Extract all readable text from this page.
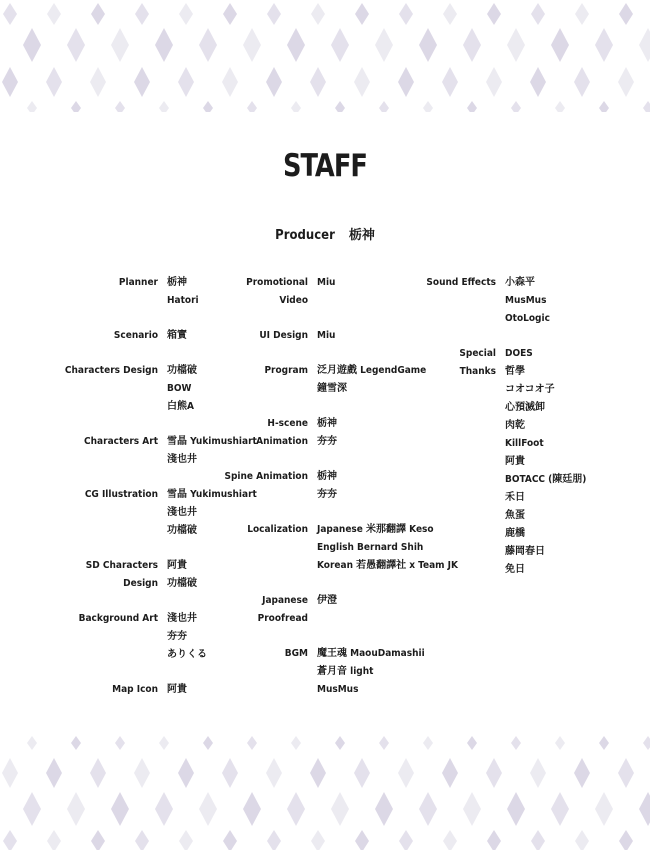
STAFF
Producer 栃神
Planner 栃神
Hatori
Scenario 箱實
Characters Design 功檔破
BOW
白熊A
Characters Art 雪晶 Yukimushiart
淺也井
CG Illustration 雪晶 Yukimushiart
淺也井
功檔破
SD Characters
Design
阿貴
功檔破
Background Art 淺也井
夯夯
ありくる
Map Icon 阿貴
Promotional Video
Miu
UI Design Miu
Program 泛月遊戲 LegendGame
鐘雪深
H-scene Animation
栃神
夯夯
Spine Animation 栃神
夯夯
Localization Japanese 米那翻譯 Keso
English Bernard Shih
Korean 若愚翻譯社 x Team JK
Japanese
Proofread
伊澄
BGM 魔王魂 MaouDamashii
蒼月音 light
MusMus
Sound Effects 小森平
MusMus
OtoLogic
Special Thanks
DOES
哲學
コオコオ子
心預滅卸
肉乾
KillFoot
阿貴
BOTACC (陳廷朋)
禾日
魚蛋
鹿橋
藤岡春日
免日
